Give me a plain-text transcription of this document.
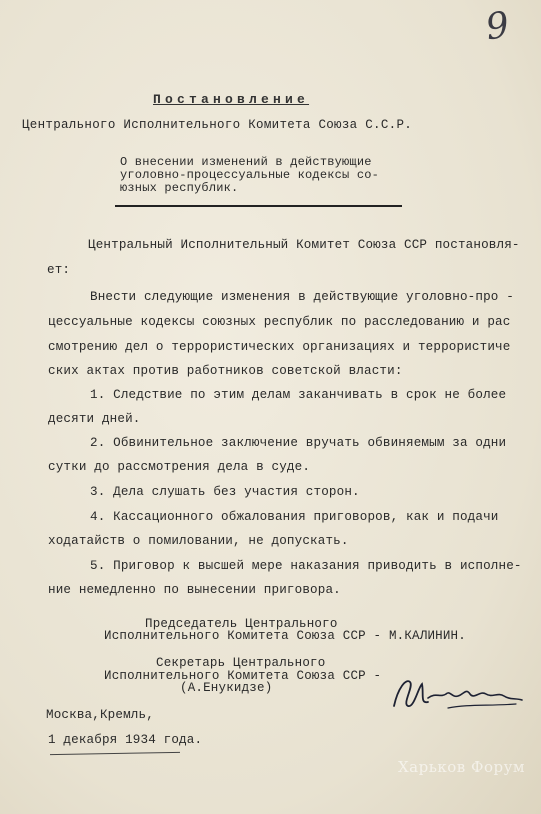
9
Постановление
Центрального Исполнительного Комитета Союза С.С.Р.
О внесении изменений в действующие
уголовно-процессуальные кодексы со-
юзных республик.
Центральный Исполнительный Комитет Союза ССР постановля-
ет:
Внести следующие изменения в действующие уголовно-про -
цессуальные кодексы союзных республик по расследованию и рас
смотрению дел о террористических организациях и террористиче
ских актах против работников советской власти:
1. Следствие по этим делам заканчивать в срок не более
десяти дней.
2. Обвинительное заключение вручать обвиняемым за одни
сутки до рассмотрения дела в суде.
3. Дела слушать без участия сторон.
4. Кассационного обжалования приговоров, как и подачи
ходатайств о помиловании, не допускать.
5. Приговор к высшей мере наказания приводить в исполне-
ние немедленно по вынесении приговора.
Председатель Центрального
Исполнительного Комитета Союза ССР - М.КАЛИНИН.
Секретарь Центрального
Исполнительного Комитета Союза ССР -
(А.Енукидзе)
Москва,Кремль,
1 декабря 1934 года.
Харьков Форум
